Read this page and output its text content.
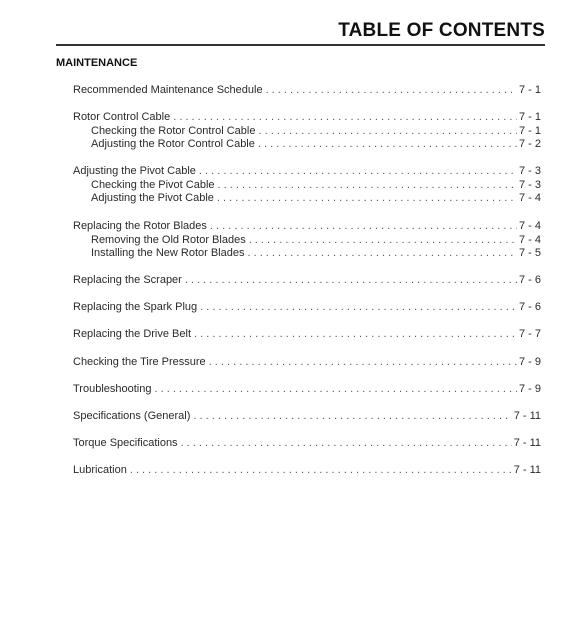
TABLE OF CONTENTS
MAINTENANCE
Recommended Maintenance Schedule . . .	7 - 1
Rotor Control Cable . . .	7 - 1
Checking the Rotor Control Cable . . .	7 - 1
Adjusting the Rotor Control Cable . . .	7 - 2
Adjusting the Pivot Cable . . .	7 - 3
Checking the Pivot Cable . . .	7 - 3
Adjusting the Pivot Cable . . .	7 - 4
Replacing the Rotor Blades . . .	7 - 4
Removing the Old Rotor Blades . . .	7 - 4
Installing the New Rotor Blades . . .	7 - 5
Replacing the Scraper . . .	7 - 6
Replacing the Spark Plug . . .	7 - 6
Replacing the Drive Belt . . .	7 - 7
Checking the Tire Pressure . . .	7 - 9
Troubleshooting . . .	7 - 9
Specifications (General) . . .	7 - 11
Torque Specifications . . .	7 - 11
Lubrication . . .	7 - 11
